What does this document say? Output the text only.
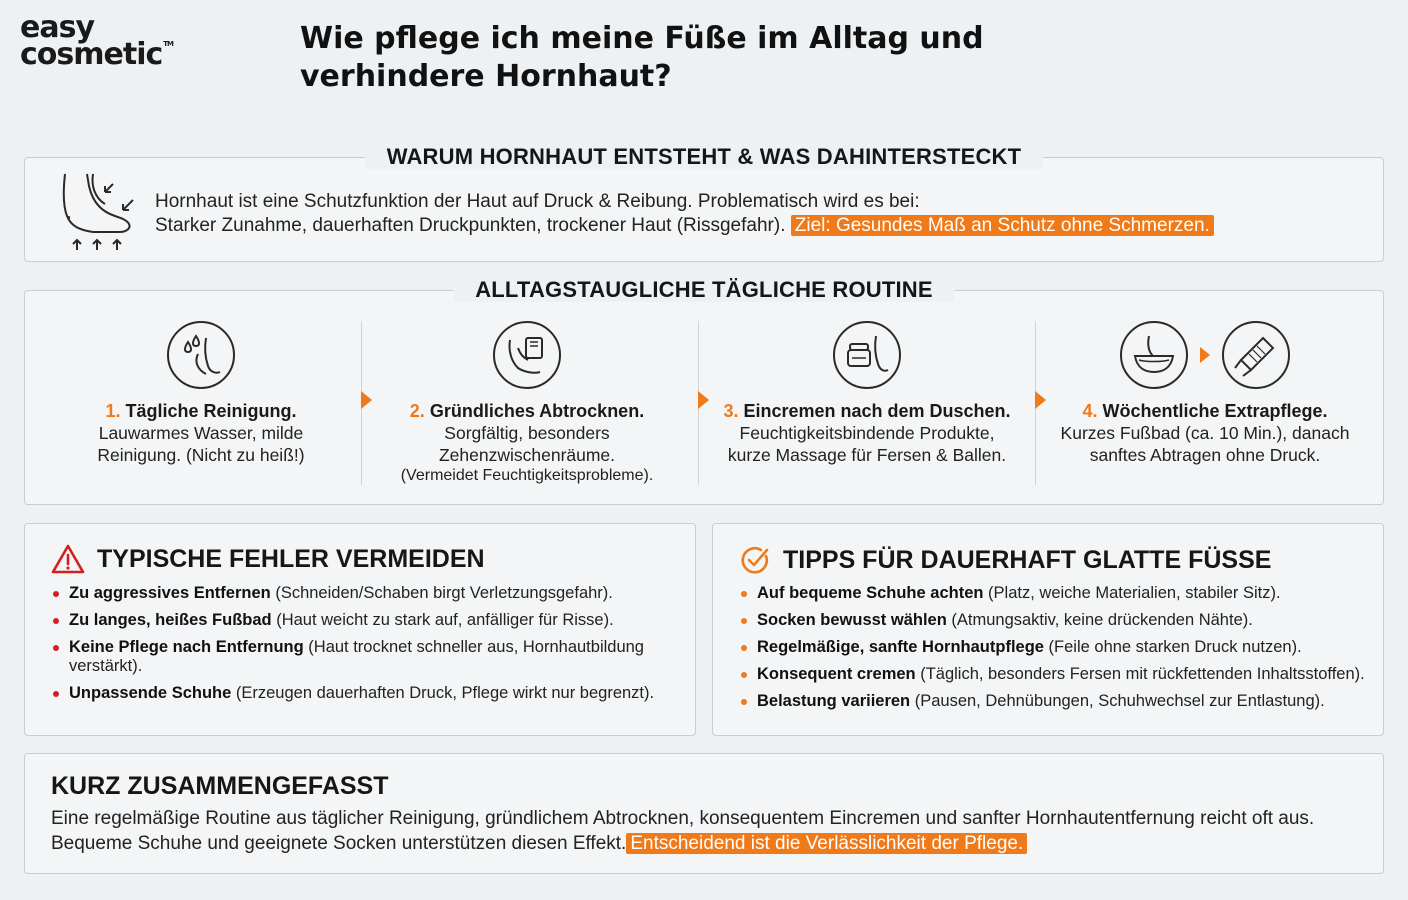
easy
cosmetic™	Wie pflege ich meine Füße im Alltag und verhindere Hornhaut?
WARUM HORNHAUT ENTSTEHT & WAS DAHINTERSTECKT
Hornhaut ist eine Schutzfunktion der Haut auf Druck & Reibung. Problematisch wird es bei:
Starker Zunahme, dauerhaften Druckpunkten, trockener Haut (Rissgefahr). Ziel: Gesundes Maß an Schutz ohne Schmerzen.
ALLTAGSTAUGLICHE TÄGLICHE ROUTINE
1. Tägliche Reinigung.
Lauwarmes Wasser, milde
Reinigung. (Nicht zu heiß!)
2. Gründliches Abtrocknen.
Sorgfältig, besonders
Zehenzwischenräume.
(Vermeidet Feuchtigkeitsprobleme).
3. Eincremen nach dem Duschen.
Feuchtigkeitsbindende Produkte,
kurze Massage für Fersen & Ballen.
4. Wöchentliche Extrapflege.
Kurzes Fußbad (ca. 10 Min.), danach
sanftes Abtragen ohne Druck.
TYPISCHE FEHLER VERMEIDEN
Zu aggressives Entfernen (Schneiden/Schaben birgt Verletzungsgefahr).
Zu langes, heißes Fußbad (Haut weicht zu stark auf, anfälliger für Risse).
Keine Pflege nach Entfernung (Haut trocknet schneller aus, Hornhautbildung verstärkt).
Unpassende Schuhe (Erzeugen dauerhaften Druck, Pflege wirkt nur begrenzt).
TIPPS FÜR DAUERHAFT GLATTE FÜSSE
Auf bequeme Schuhe achten (Platz, weiche Materialien, stabiler Sitz).
Socken bewusst wählen (Atmungsaktiv, keine drückenden Nähte).
Regelmäßige, sanfte Hornhautpflege (Feile ohne starken Druck nutzen).
Konsequent cremen (Täglich, besonders Fersen mit rückfettenden Inhaltsstoffen).
Belastung variieren (Pausen, Dehnübungen, Schuhwechsel zur Entlastung).
KURZ ZUSAMMENGEFASST
Eine regelmäßige Routine aus täglicher Reinigung, gründlichem Abtrocknen, konsequentem Eincremen und sanfter Hornhautentfernung reicht oft aus.
Bequeme Schuhe und geeignete Socken unterstützen diesen Effekt. Entscheidend ist die Verlässlichkeit der Pflege.
